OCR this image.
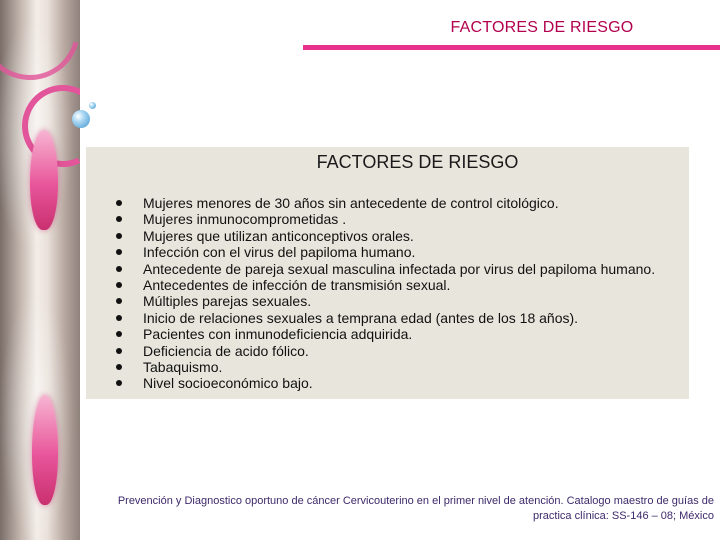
FACTORES DE RIESGO
FACTORES DE RIESGO
Mujeres menores de 30 años sin antecedente de control citológico.
Mujeres inmunocomprometidas .
Mujeres que utilizan anticonceptivos orales.
Infección con el virus del papiloma humano.
Antecedente de pareja sexual masculina infectada por virus del papiloma humano.
Antecedentes de infección de transmisión sexual.
Múltiples parejas sexuales.
Inicio de relaciones sexuales a temprana edad (antes de los 18 años).
Pacientes con inmunodeficiencia adquirida.
Deficiencia de acido fólico.
Tabaquismo.
Nivel socioeconómico bajo.
Prevención y Diagnostico oportuno de cáncer Cervicouterino en el primer nivel de atención. Catalogo maestro de guías de practica clínica: SS-146 – 08; México
